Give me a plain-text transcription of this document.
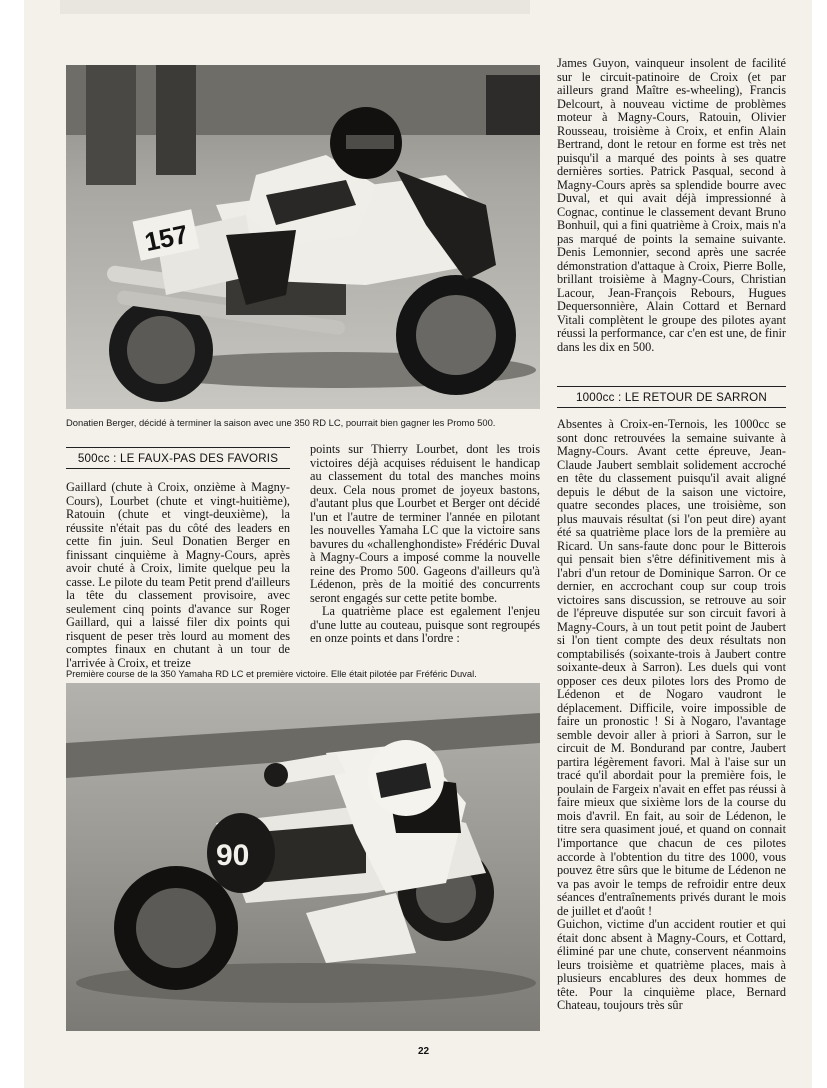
157
Donatien Berger, décidé à terminer la saison avec une 350 RD LC, pourrait bien gagner les Promo 500.
90
Première course de la 350 Yamaha RD LC et première victoire. Elle était pilotée par Fréféric Duval.
500cc : LE FAUX-PAS DES FAVORIS

Gaillard (chute à Croix, onzième à Magny-Cours), Lourbet (chute et vingt-huitième), Ratouin (chute et vingt-deuxième), la réussite n'était pas du côté des leaders en cette fin juin. Seul Donatien Berger en finissant cinquième à Magny-Cours, après avoir chuté à Croix, limite quelque peu la casse. Le pilote du team Petit prend d'ailleurs la tête du classement provisoire, avec seulement cinq points d'avance sur Roger Gaillard, qui a laissé filer dix points qui risquent de peser très lourd au moment des comptes finaux en chutant à un tour de l'arrivée à Croix, et treize

points sur Thierry Lourbet, dont les trois victoires déjà acquises réduisent le handicap au classement du total des manches moins deux. Cela nous promet de joyeux bastons, d'autant plus que Lourbet et Berger ont décidé l'un et l'autre de terminer l'année en pilotant les nouvelles Yamaha LC que la victoire sans bavures du «challenghondiste» Frédéric Duval à Magny-Cours a imposé comme la nouvelle reine des Promo 500. Gageons d'ailleurs qu'à Lédenon, près de la moitié des concurrents seront engagés sur cette petite bombe.

La quatrième place est egalement l'enjeu d'une lutte au couteau, puisque sont regroupés en onze points et dans l'ordre :

James Guyon, vainqueur insolent de facilité sur le circuit-patinoire de Croix (et par ailleurs grand Maître es-wheeling), Francis Delcourt, à nouveau victime de problèmes moteur à Magny-Cours, Ratouin, Olivier Rousseau, troisième à Croix, et enfin Alain Bertrand, dont le retour en forme est très net puisqu'il a marqué des points à ses quatre dernières sorties. Patrick Pasqual, second à Magny-Cours après sa splendide bourre avec Duval, et qui avait déjà impressionné à Cognac, continue le classement devant Bruno Bonhuil, qui a fini quatrième à Croix, mais n'a pas marqué de points la semaine suivante. Denis Lemonnier, second après une sacrée démonstration d'attaque à Croix, Pierre Bolle, brillant troisième à Magny-Cours, Christian Lacour, Jean-François Rebours, Hugues Dequersonnière, Alain Cottard et Bernard Vitali complètent le groupe des pilotes ayant réussi la performance, car c'en est une, de finir dans les dix en 500.

1000cc : LE RETOUR DE SARRON

Absentes à Croix-en-Ternois, les 1000cc se sont donc retrouvées la semaine suivante à Magny-Cours. Avant cette épreuve, Jean-Claude Jaubert semblait solidement accroché en tête du classement puisqu'il avait aligné depuis le début de la saison une victoire, quatre secondes places, une troisième, son plus mauvais résultat (si l'on peut dire) ayant été sa quatrième place lors de la première au Ricard. Un sans-faute donc pour le Bitterois qui pensait bien s'être définitivement mis à l'abri d'un retour de Dominique Sarron. Or ce dernier, en accrochant coup sur coup trois victoires sans discussion, se retrouve au soir de l'épreuve disputée sur son circuit favori à Magny-Cours, à un tout petit point de Jaubert si l'on tient compte des deux résultats non comptabilisés (soixante-trois à Jaubert contre soixante-deux à Sarron). Les duels qui vont opposer ces deux pilotes lors des Promo de Lédenon et de Nogaro vaudront le déplacement. Difficile, voire impossible de faire un pronostic ! Si à Nogaro, l'avantage semble devoir aller à priori à Sarron, sur le circuit de M. Bondurand par contre, Jaubert partira légèrement favori. Mal à l'aise sur un tracé qu'il abordait pour la première fois, le poulain de Fargeix n'avait en effet pas réussi à faire mieux que sixième lors de la course du mois d'avril. En fait, au soir de Lédenon, le titre sera quasiment joué, et quand on connait l'importance que chacun de ces pilotes accorde à l'obtention du titre des 1000, vous pouvez être sûrs que le bitume de Lédenon ne va pas avoir le temps de refroidir entre deux séances d'entraînements privés durant le mois de juillet et d'août !

Guichon, victime d'un accident routier et qui était donc absent à Magny-Cours, et Cottard, éliminé par une chute, conservent néanmoins leurs troisième et quatrième places, mais à plusieurs encablures des deux hommes de tête. Pour la cinquième place, Bernard Chateau, toujours très sûr

22
